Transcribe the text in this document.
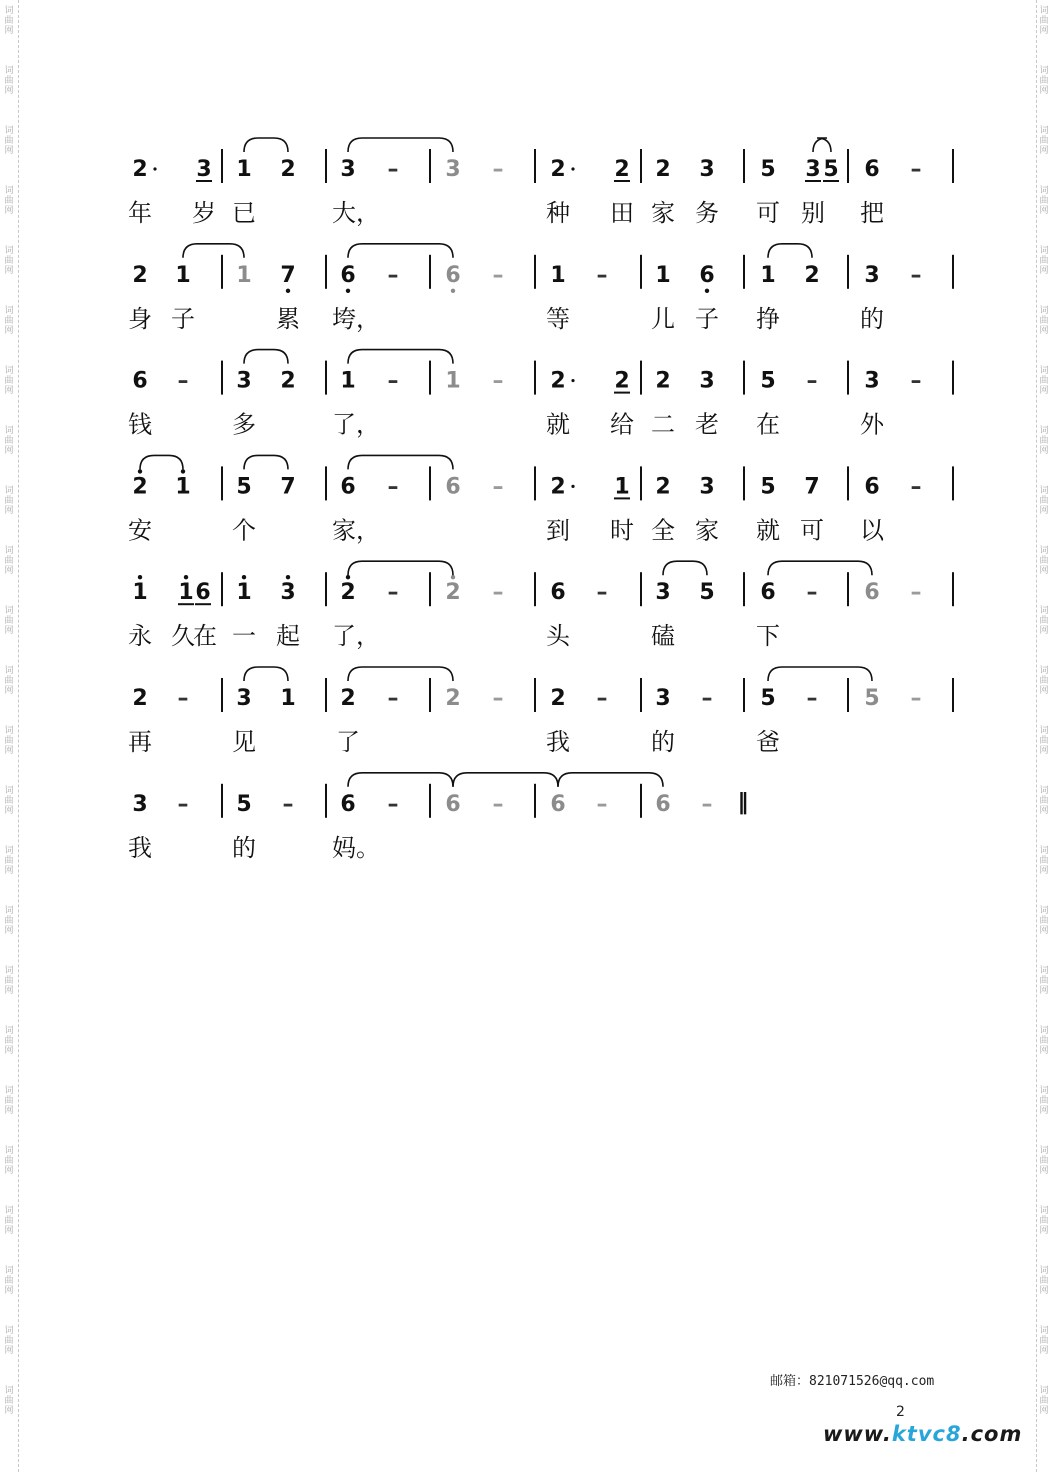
2 3 1 2 3 – 3 – 2 2 2 3 5 3 5 6 –
年 岁 已	大，	种 田 家 务 可 别 把
2 1 1 7 6 – 6 – 1 – 1 6 1 2 3 –
身 子	累 垮，	等	儿 子 挣	的
6 – 3 2 1 – 1 – 2 2 2 3 5 – 3 –
钱	多	了，	就 给 二 老 在	外
2 1 5 7 6 – 6 – 2 1 2 3 5 7 6 –
安	个	家，	到 时 全 家 就 可 以
1 1 6 1 3 2 – 2 – 6 – 3 5 6 – 6 –
永 久
在 一 起 了，	头	磕	下
2 – 3 1 2 – 2 – 2 – 3 – 5 – 5 –
再	见	了	我	的	爸
3 – 5 – 6 – 6 – 6 – 6 – ‖
我	的	妈。
邮箱：821071526@qq.com
2
www.ktvc8.com
词
曲
网
词
曲
网
词
曲
网
词
曲
网
词
曲
网
词
曲
网
词
曲
网
词
曲
网
词
曲
网
词
曲
网
词
曲
网
词
曲
网
词
曲
网
词
曲
网
词
曲
网
词
曲
网
词
曲
网
词
曲
网
词
曲
网
词
曲
网
词
曲
网
词
曲
网
词
曲
网
词
曲
网
词
曲
网
词
曲
网
词
曲
网
词
曲
网
词
曲
网
词
曲
网
词
曲
网
词
曲
网
词
曲
网
词
曲
网
词
曲
网
词
曲
网
词
曲
网
词
曲
网
词
曲
网
词
曲
网
词
曲
网
词
曲
网
词
曲
网
词
曲
网
词
曲
网
词
曲
网
词
曲
网
词
曲
网
